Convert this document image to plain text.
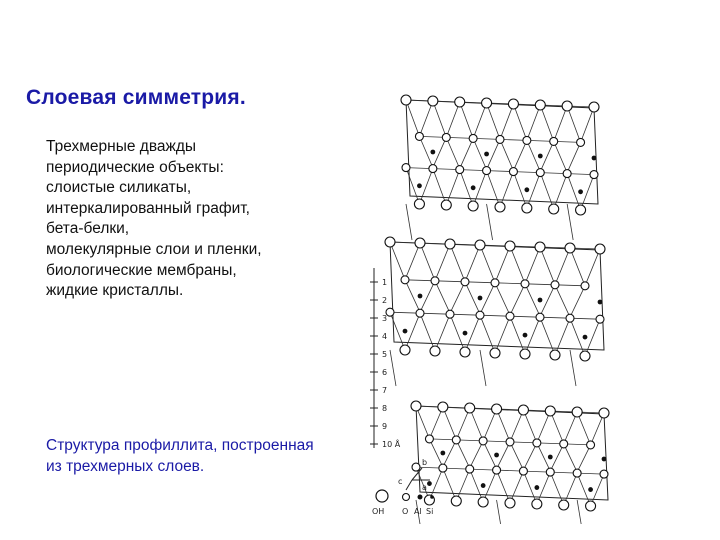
Слоевая симметрия.
Трехмерные дважды
периодические объекты:
слоистые силикаты,
интеркалированный графит,
бета-белки,
молекулярные слои и пленки,
биологические мембраны,
жидкие кристаллы.
Структура профиллита, построенная
из трехмерных слоев.
1
2
3
4
5
6
7
8
9
10 Å
b
c
a
OH O Al Si
